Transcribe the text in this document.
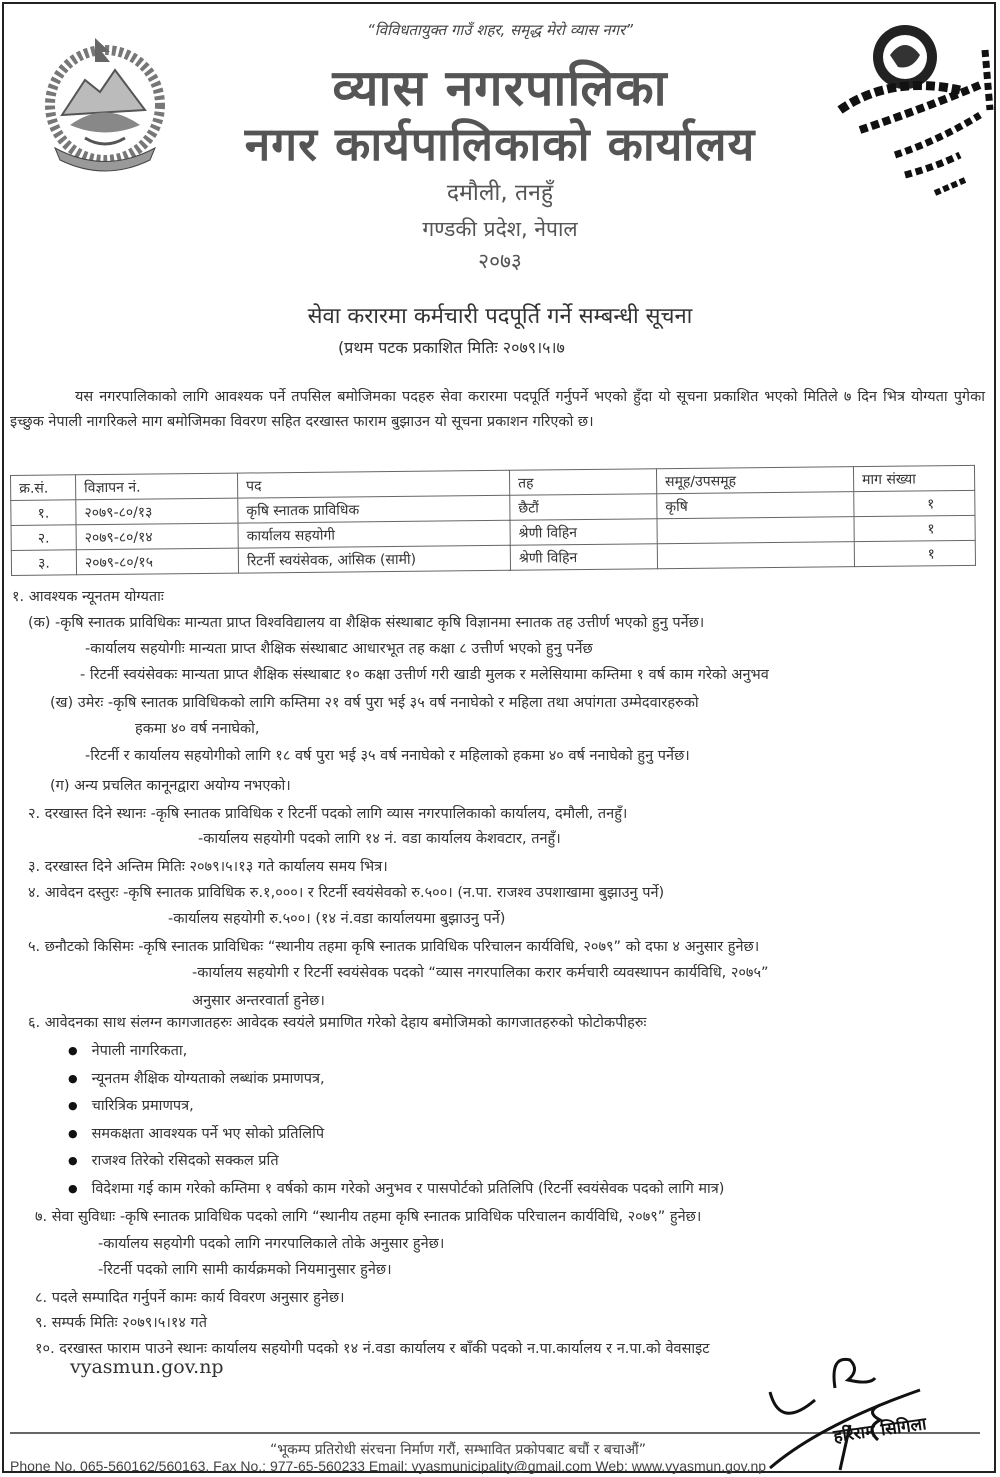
“विविधतायुक्त गाउँ शहर, समृद्ध मेरो व्यास नगर”
व्यास नगरपालिका
नगर कार्यपालिकाको कार्यालय
दमौली, तनहुँ
गण्डकी प्रदेश, नेपाल
२०७३
सेवा करारमा कर्मचारी पदपूर्ति गर्ने सम्बन्धी सूचना
(प्रथम पटक प्रकाशित मितिः २०७९।५।७
यस नगरपालिकाको लागि आवश्यक पर्ने तपसिल बमोजिमका पदहरु सेवा करारमा पदपूर्ति गर्नुपर्ने भएको हुँदा यो सूचना प्रकाशित भएको मितिले ७ दिन भित्र योग्यता पुगेका इच्छुक नेपाली नागरिकले माग बमोजिमका विवरण सहित दरखास्त फाराम बुझाउन यो सूचना प्रकाशन गरिएको छ।
क्र.सं.	विज्ञापन नं.	पद	तह	समूह/उपसमूह	माग संख्या
१.	२०७९-८०/१३	कृषि स्नातक प्राविधिक	छैटौं	कृषि	१
२.	२०७९-८०/१४	कार्यालय सहयोगी	श्रेणी विहिन		१
३.	२०७९-८०/१५	रिटर्नी स्वयंसेवक, आंसिक (सामी)	श्रेणी विहिन		१
१. आवश्यक न्यूनतम योग्यताः
(क) -कृषि स्नातक प्राविधिकः मान्यता प्राप्त विश्वविद्यालय वा शैक्षिक संस्थाबाट कृषि विज्ञानमा स्नातक तह उत्तीर्ण भएको हुनु पर्नेछ।
-कार्यालय सहयोगीः मान्यता प्राप्त शैक्षिक संस्थाबाट आधारभूत तह कक्षा ८ उत्तीर्ण भएको हुनु पर्नेछ
- रिटर्नी स्वयंसेवकः मान्यता प्राप्त शैक्षिक संस्थाबाट १० कक्षा उत्तीर्ण गरी खाडी मुलक र मलेसियामा कम्तिमा १ वर्ष काम गरेको अनुभव
(ख) उमेरः -कृषि स्नातक प्राविधिकको लागि कम्तिमा २१ वर्ष पुरा भई ३५ वर्ष ननाघेको र महिला तथा अपांगता उम्मेदवारहरुको
हकमा ४० वर्ष ननाघेको,
-रिटर्नी र कार्यालय सहयोगीको लागि १८ वर्ष पुरा भई ३५ वर्ष ननाघेको र महिलाको हकमा ४० वर्ष ननाघेको हुनु पर्नेछ।
(ग) अन्य प्रचलित कानूनद्वारा अयोग्य नभएको।
२. दरखास्त दिने स्थानः -कृषि स्नातक प्राविधिक र रिटर्नी पदको लागि व्यास नगरपालिकाको कार्यालय, दमौली, तनहुँ।
-कार्यालय सहयोगी पदको लागि १४ नं. वडा कार्यालय केशवटार, तनहुँ।
३. दरखास्त दिने अन्तिम मितिः २०७९।५।१३ गते कार्यालय समय भित्र।
४. आवेदन दस्तुरः -कृषि स्नातक प्राविधिक रु.१,०००। र रिटर्नी स्वयंसेवको रु.५००। (न.पा. राजश्व उपशाखामा बुझाउनु पर्ने)
-कार्यालय सहयोगी रु.५००। (१४ नं.वडा कार्यालयमा बुझाउनु पर्ने)
५. छनौटको किसिमः -कृषि स्नातक प्राविधिकः “स्थानीय तहमा कृषि स्नातक प्राविधिक परिचालन कार्यविधि, २०७९” को दफा ४ अनुसार हुनेछ।
-कार्यालय सहयोगी र रिटर्नी स्वयंसेवक पदको “व्यास नगरपालिका करार कर्मचारी व्यवस्थापन कार्यविधि, २०७५”
अनुसार अन्तरवार्ता हुनेछ।
६. आवेदनका साथ संलग्न कागजातहरुः आवेदक स्वयंले प्रमाणित गरेको देहाय बमोजिमको कागजातहरुको फोटोकपीहरुः
● नेपाली नागरिकता,
● न्यूनतम शैक्षिक योग्यताको लब्धांक प्रमाणपत्र,
● चारित्रिक प्रमाणपत्र,
● समकक्षता आवश्यक पर्ने भए सोको प्रतिलिपि
● राजश्व तिरेको रसिदको सक्कल प्रति
● विदेशमा गई काम गरेको कम्तिमा १ वर्षको काम गरेको अनुभव र पासपोर्टको प्रतिलिपि (रिटर्नी स्वयंसेवक पदको लागि मात्र)
७. सेवा सुविधाः -कृषि स्नातक प्राविधिक पदको लागि “स्थानीय तहमा कृषि स्नातक प्राविधिक परिचालन कार्यविधि, २०७९” हुनेछ।
-कार्यालय सहयोगी पदको लागि नगरपालिकाले तोके अनुसार हुनेछ।
-रिटर्नी पदको लागि सामी कार्यक्रमको नियमानुसार हुनेछ।
८. पदले सम्पादित गर्नुपर्ने कामः कार्य विवरण अनुसार हुनेछ।
९. सम्पर्क मितिः २०७९।५।१४ गते
१०. दरखास्त फाराम पाउने स्थानः कार्यालय सहयोगी पदको १४ नं.वडा कार्यालय र बाँकी पदको न.पा.कार्यालय र न.पा.को वेवसाइट
vyasmun.gov.np
“भूकम्प प्रतिरोधी संरचना निर्माण गरौं, सम्भावित प्रकोपबाट बचौं र बचाऔं”
Phone No. 065-560162/560163, Fax No.: 977-65-560233 Email: vyasmunicipality@gmail.com Web: www.vyasmun.gov.np
हरिराम सिगिला
